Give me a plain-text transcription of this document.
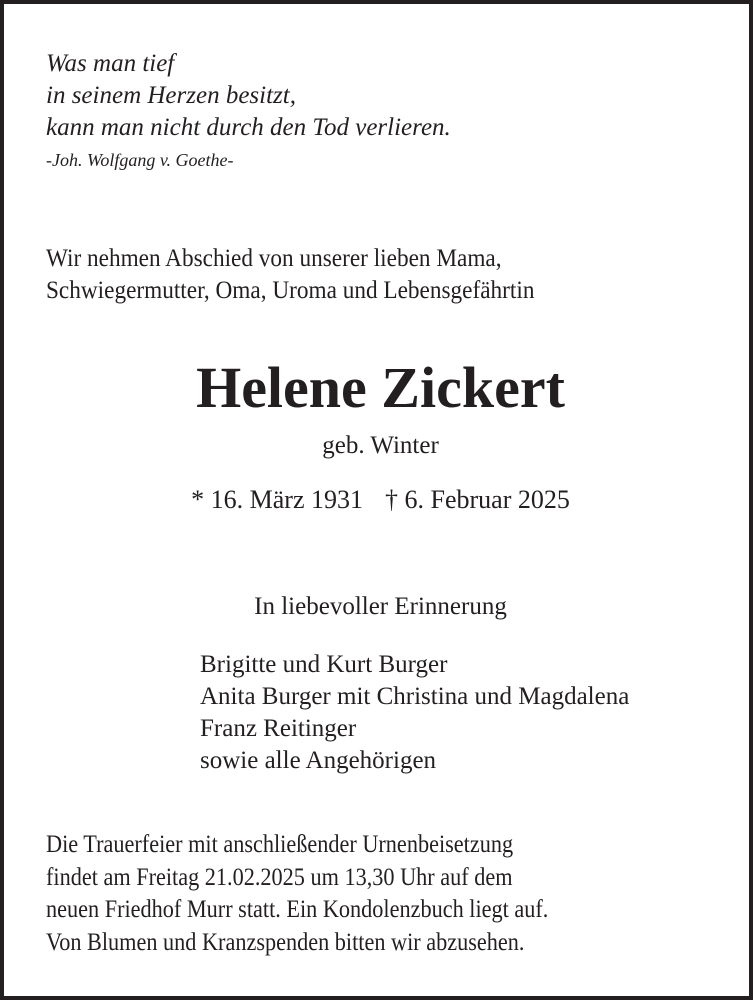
Was man tief
in seinem Herzen besitzt,
kann man nicht durch den Tod verlieren.
-Joh. Wolfgang v. Goethe-
Wir nehmen Abschied von unserer lieben Mama,
Schwiegermutter, Oma, Uroma und Lebensgefährtin
Helene Zickert
geb. Winter
* 16. März 1931 † 6. Februar 2025
In liebevoller Erinnerung
Brigitte und Kurt Burger
Anita Burger mit Christina und Magdalena
Franz Reitinger
sowie alle Angehörigen
Die Trauerfeier mit anschließender Urnenbeisetzung
findet am Freitag 21.02.2025 um 13,30 Uhr auf dem
neuen Friedhof Murr statt. Ein Kondolenzbuch liegt auf.
Von Blumen und Kranzspenden bitten wir abzusehen.
